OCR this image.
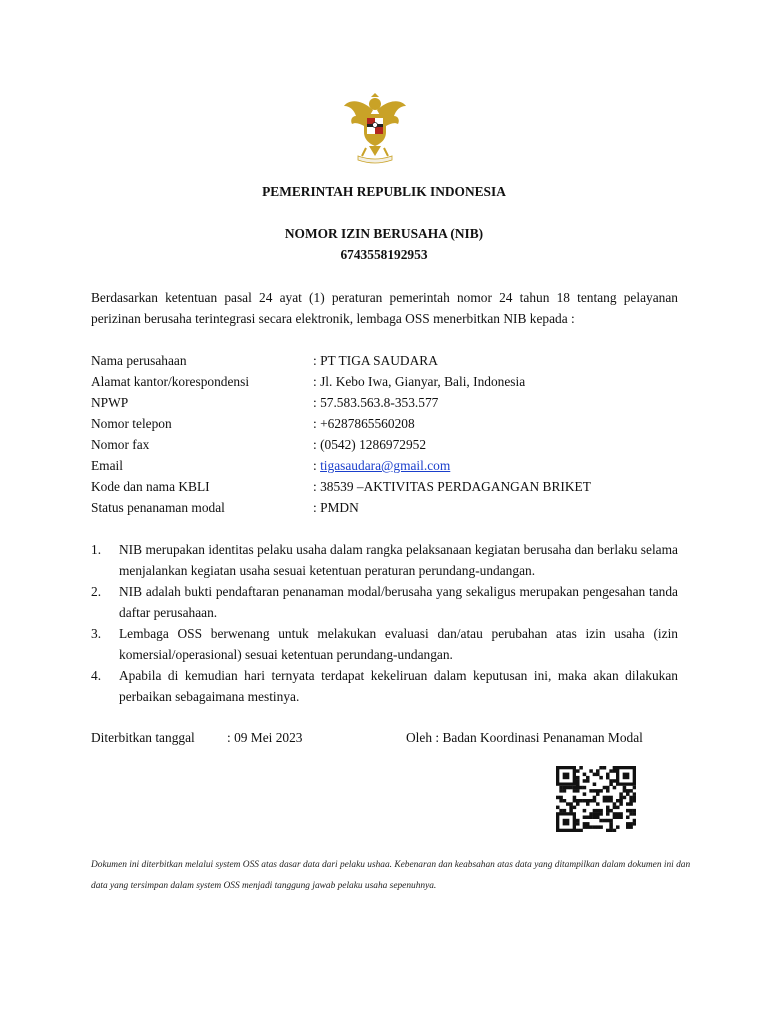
PEMERINTAH REPUBLIK INDONESIA
NOMOR IZIN BERUSAHA (NIB)
6743558192953
Berdasarkan ketentuan pasal 24 ayat (1) peraturan pemerintah nomor 24 tahun 18 tentang pelayanan perizinan berusaha terintegrasi secara elektronik, lembaga OSS menerbitkan NIB kepada :
Nama perusahaan	: PT TIGA SAUDARA
Alamat kantor/korespondensi	: Jl. Kebo Iwa, Gianyar, Bali, Indonesia
NPWP	: 57.583.563.8-353.577
Nomor telepon	: +6287865560208
Nomor fax	: (0542) 1286972952
Email	: tigasaudara@gmail.com
Kode dan nama KBLI	: 38539 –AKTIVITAS PERDAGANGAN BRIKET
Status penanaman modal	: PMDN
1. NIB merupakan identitas pelaku usaha dalam rangka pelaksanaan kegiatan berusaha dan berlaku selama menjalankan kegiatan usaha sesuai ketentuan peraturan perundang-undangan.
2. NIB adalah bukti pendaftaran penanaman modal/berusaha yang sekaligus merupakan pengesahan tanda daftar perusahaan.
3. Lembaga OSS berwenang untuk melakukan evaluasi dan/atau perubahan atas izin usaha (izin komersial/operasional) sesuai ketentuan perundang-undangan.
4. Apabila di kemudian hari ternyata terdapat kekeliruan dalam keputusan ini, maka akan dilakukan perbaikan sebagaimana mestinya.
Diterbitkan tanggal : 09 Mei 2023	Oleh : Badan Koordinasi Penanaman Modal
Dokumen ini diterbitkan melalui system OSS atas dasar data dari pelaku ushaa. Kebenaran dan keabsahan atas data yang ditampilkan dalam dokumen ini dan data yang tersimpan dalam system OSS menjadi tanggung jawab pelaku usaha sepenuhnya.
